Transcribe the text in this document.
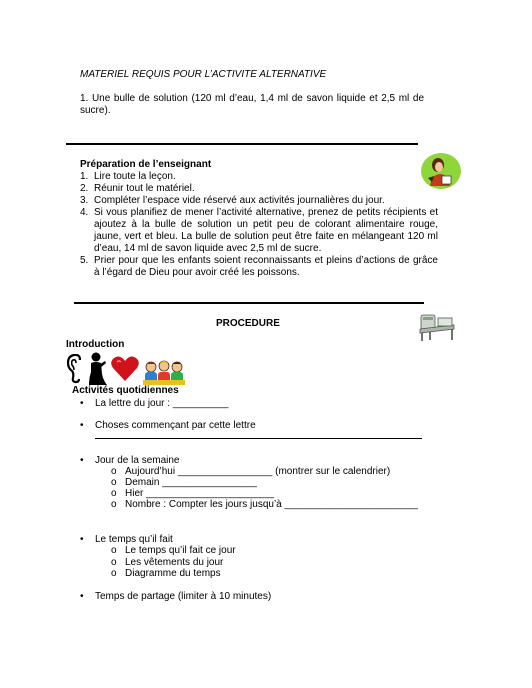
MATERIEL REQUIS POUR L’ACTIVITE ALTERNATIVE
1. Une bulle de solution (120 ml d’eau, 1,4 ml de savon liquide et 2,5 ml de sucre).
Préparation de l’enseignant
1. Lire toute la leçon.
2. Réunir tout le matériel.
3. Compléter l’espace vide réservé aux activités journalières du jour.
4. Si vous planifiez de mener l’activité alternative, prenez de petits récipients et ajoutez à la bulle de solution un petit peu de colorant alimentaire rouge, jaune, vert et bleu. La bulle de solution peut être faite en mélangeant 120 ml d’eau, 14 ml de savon liquide avec 2,5 ml de sucre.
5. Prier pour que les enfants soient reconnaissants et pleins d’actions de grâce à l’égard de Dieu pour avoir créé les poissons.
PROCEDURE
Introduction
Activités quotidiennes
• La lettre du jour : __________
• Choses commençant par cette lettre
• Jour de la semaine
o Aujourd’hui _________________ (montrer sur le calendrier)
o Demain _________________
o Hier _______________________
o Nombre : Compter les jours jusqu’à ________________________
• Le temps qu’il fait
o Le temps qu’il fait ce jour
o Les vêtements du jour
o Diagramme du temps
• Temps de partage (limiter à 10 minutes)
